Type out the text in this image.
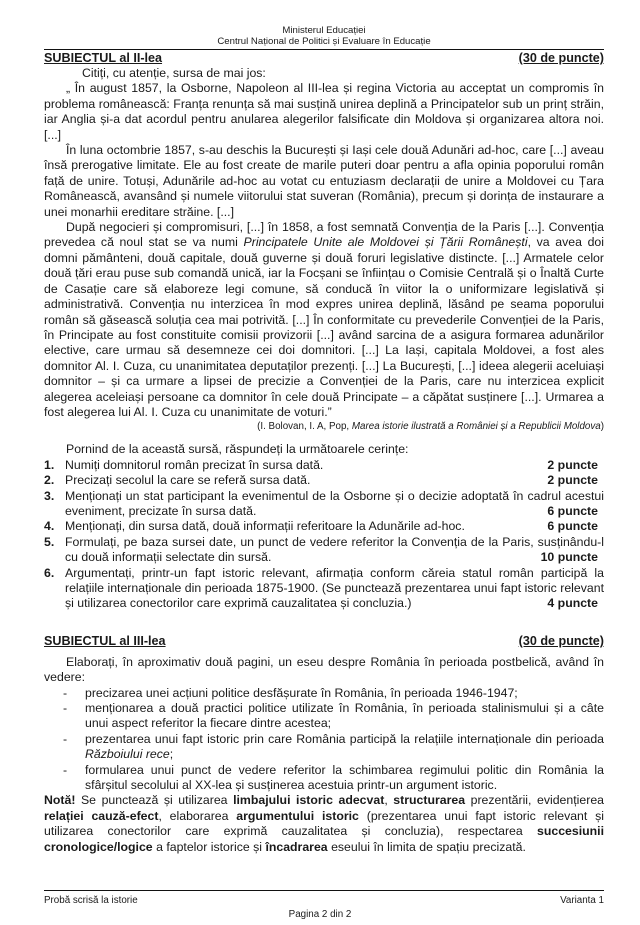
Ministerul Educației
Centrul Național de Politici și Evaluare în Educație
SUBIECTUL al II-lea	(30 de puncte)

Citiți, cu atenție, sursa de mai jos:

„ În august 1857, la Osborne, Napoleon al III-lea și regina Victoria au acceptat un compromis în problema românească: Franța renunța să mai susțină unirea deplină a Principatelor sub un prinț străin, iar Anglia și-a dat acordul pentru anularea alegerilor falsificate din Moldova și organizarea altora noi. [...]

În luna octombrie 1857, s-au deschis la București și Iași cele două Adunări ad-hoc, care [...] aveau însă prerogative limitate. Ele au fost create de marile puteri doar pentru a afla opinia poporului român față de unire. Totuși, Adunările ad-hoc au votat cu entuziasm declarații de unire a Moldovei cu Țara Românească, avansând și numele viitorului stat suveran (România), precum și dorința de instaurare a unei monarhii ereditare străine. [...]

După negocieri și compromisuri, [...] în 1858, a fost semnată Convenția de la Paris [...]. Convenția prevedea că noul stat se va numi Principatele Unite ale Moldovei și Țării Românești, va avea doi domni pământeni, două capitale, două guverne și două foruri legislative distincte. [...] Armatele celor două țări erau puse sub comandă unică, iar la Focșani se înființau o Comisie Centrală și o Înaltă Curte de Casație care să elaboreze legi comune, să conducă în viitor la o uniformizare legislativă și administrativă. Convenția nu interzicea în mod expres unirea deplină, lăsând pe seama poporului român să găsească soluția cea mai potrivită. [...] În conformitate cu prevederile Convenției de la Paris, în Principate au fost constituite comisii provizorii [...] având sarcina de a asigura formarea adunărilor elective, care urmau să desemneze cei doi domnitori. [...] La Iași, capitala Moldovei, a fost ales domnitor Al. I. Cuza, cu unanimitatea deputaților prezenți. [...] La București, [...] ideea alegerii aceluiași domnitor – și ca urmare a lipsei de precizie a Convenției de la Paris, care nu interzicea explicit alegerea aceleiași persoane ca domnitor în cele două Principate – a căpătat susținere [...]. Urmarea a fost alegerea lui Al. I. Cuza cu unanimitate de voturi.”

(I. Bolovan, I. A, Pop, Marea istorie ilustrată a României și a Republicii Moldova)
Pornind de la această sursă, răspundeți la următoarele cerințe:
1. Numiți domnitorul român precizat în sursa dată.	2 puncte
2. Precizați secolul la care se referă sursa dată.	2 puncte
3. Menționați un stat participant la evenimentul de la Osborne și o decizie adoptată în cadrul acestui eveniment, precizate în sursa dată.	6 puncte
4. Menționați, din sursa dată, două informații referitoare la Adunările ad-hoc.	6 puncte
5. Formulați, pe baza sursei date, un punct de vedere referitor la Convenția de la Paris, susținându-l cu două informații selectate din sursă.	10 puncte
6. Argumentați, printr-un fapt istoric relevant, afirmația conform căreia statul român participă la relațiile internaționale din perioada 1875-1900. (Se punctează prezentarea unui fapt istoric relevant și utilizarea conectorilor care exprimă cauzalitatea și concluzia.)	4 puncte
SUBIECTUL al III-lea	(30 de puncte)
Elaborați, în aproximativ două pagini, un eseu despre România în perioada postbelică, având în vedere:
-	precizarea unei acțiuni politice desfășurate în România, în perioada 1946-1947;
-	menționarea a două practici politice utilizate în România, în perioada stalinismului și a câte unui aspect referitor la fiecare dintre acestea;
-	prezentarea unui fapt istoric prin care România participă la relațiile internaționale din perioada Războiului rece;
-	formularea unui punct de vedere referitor la schimbarea regimului politic din România la sfârșitul secolului al XX-lea și susținerea acestuia printr-un argument istoric.
Notă! Se punctează și utilizarea limbajului istoric adecvat, structurarea prezentării, evidențierea relației cauză-efect, elaborarea argumentului istoric (prezentarea unui fapt istoric relevant și utilizarea conectorilor care exprimă cauzalitatea și concluzia), respectarea succesiunii cronologice/logice a faptelor istorice și încadrarea eseului în limita de spațiu precizată.
Probă scrisă la istorie	Varianta 1
Pagina 2 din 2
